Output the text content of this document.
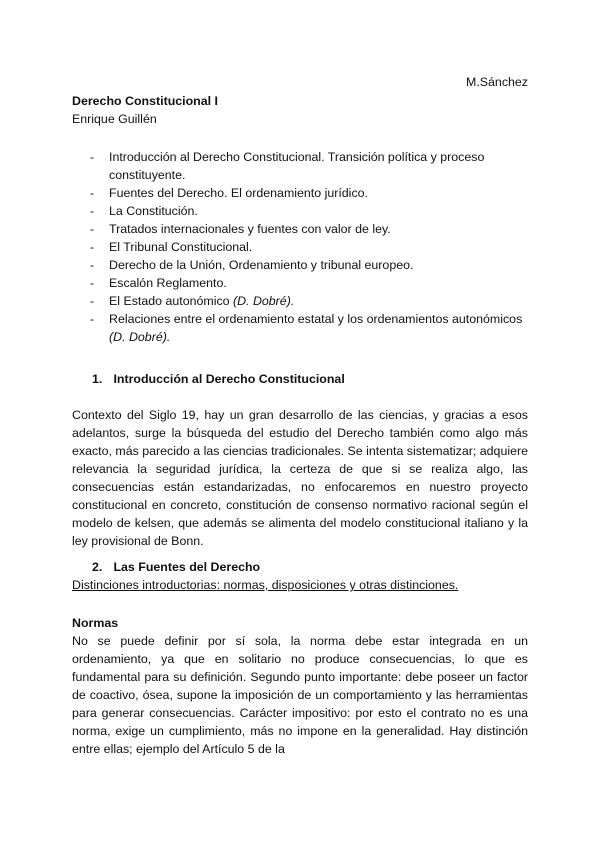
M.Sánchez
Derecho Constitucional I
Enrique Guillén
- Introducción al Derecho Constitucional. Transición política y proceso constituyente.
- Fuentes del Derecho. El ordenamiento jurídico.
- La Constitución.
- Tratados internacionales y fuentes con valor de ley.
- El Tribunal Constitucional.
- Derecho de la Unión, Ordenamiento y tribunal europeo.
- Escalón Reglamento.
- El Estado autonómico (D. Dobré).
- Relaciones entre el ordenamiento estatal y los ordenamientos autonómicos (D. Dobré).
1. Introducción al Derecho Constitucional
Contexto del Siglo 19, hay un gran desarrollo de las ciencias, y gracias a esos adelantos, surge la búsqueda del estudio del Derecho también como algo más exacto, más parecido a las ciencias tradicionales. Se intenta sistematizar; adquiere relevancia la seguridad jurídica, la certeza de que si se realiza algo, las consecuencias están estandarizadas, no enfocaremos en nuestro proyecto constitucional en concreto, constitución de consenso normativo racional según el modelo de kelsen, que además se alimenta del modelo constitucional italiano y la ley provisional de Bonn.
2. Las Fuentes del Derecho
Distinciones introductorias: normas, disposiciones y otras distinciones.
Normas
No se puede definir por sí sola, la norma debe estar integrada en un ordenamiento, ya que en solitario no produce consecuencias, lo que es fundamental para su definición. Segundo punto importante: debe poseer un factor de coactivo, ósea, supone la imposición de un comportamiento y las herramientas para generar consecuencias. Carácter impositivo: por esto el contrato no es una norma, exige un cumplimiento, más no impone en la generalidad. Hay distinción entre ellas; ejemplo del Artículo 5 de la
